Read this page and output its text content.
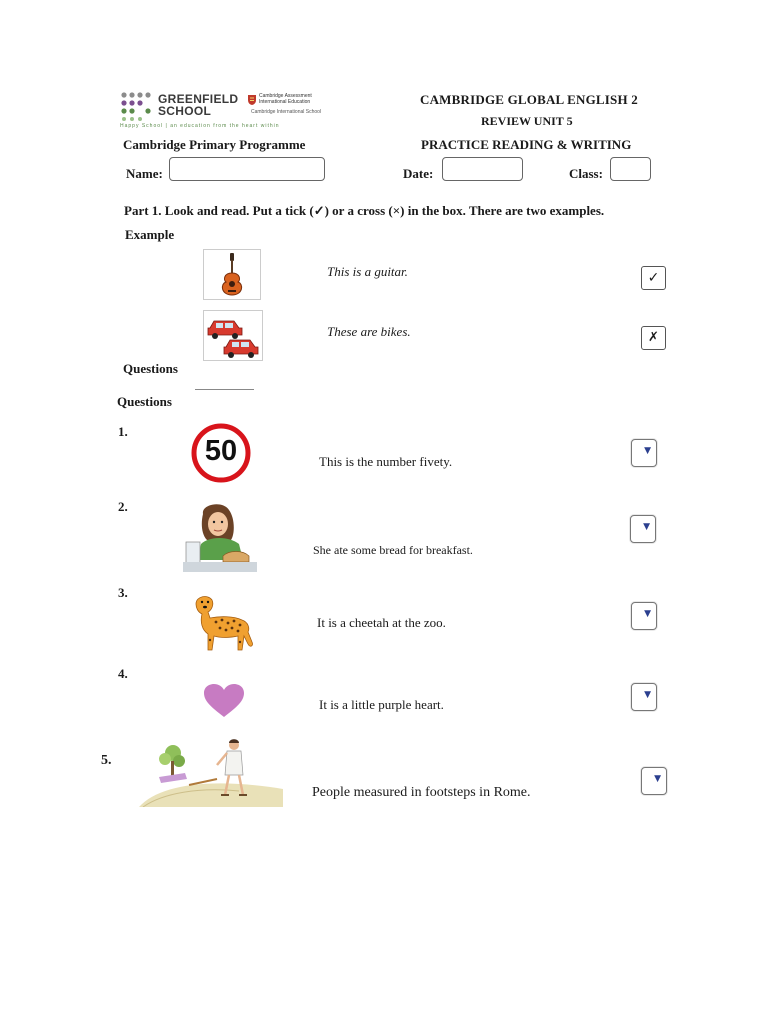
GREENFIELD
SCHOOL
Cambridge Assessment
International Education
Cambridge International School
Happy School | an education from the heart within
Cambridge Primary Programme
CAMBRIDGE GLOBAL ENGLISH 2
REVIEW UNIT 5
PRACTICE READING & WRITING
Name:	Date:	Class:
Part 1. Look and read. Put a tick (✓) or a cross (×) in the box. There are two examples.
Example
This is a guitar.	✓
These are bikes.	✗
Questions
Questions
1.
50	This is the number fivety.
▼
2.
She ate some bread for breakfast.
▼
3.
It is a cheetah at the zoo.
▼
4.
It is a little purple heart.
▼
5.
People measured in footsteps in Rome.
▼
